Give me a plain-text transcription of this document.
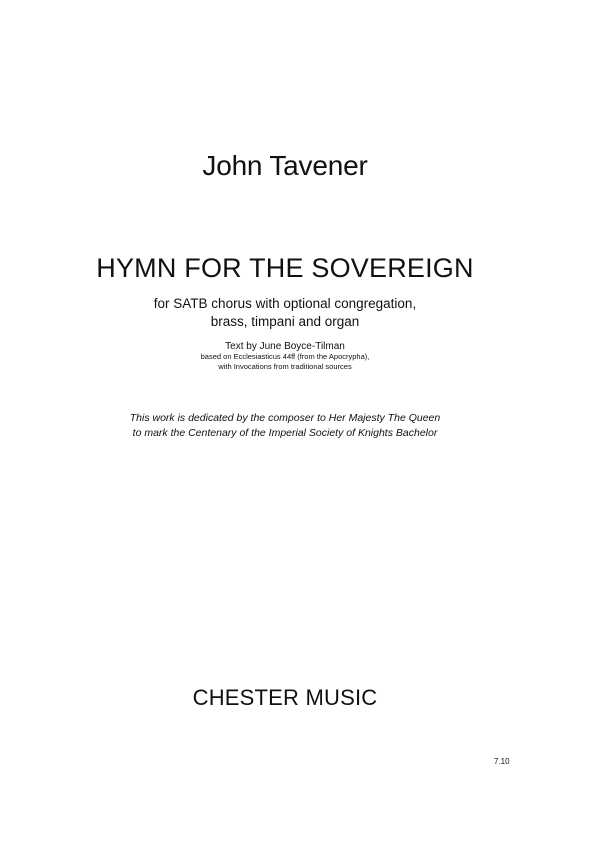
John Tavener
HYMN FOR THE SOVEREIGN
for SATB chorus with optional congregation,
brass, timpani and organ
Text by June Boyce-Tilman
based on Ecclesiasticus 44ff (from the Apocrypha),
with Invocations from traditional sources
This work is dedicated by the composer to Her Majesty The Queen
to mark the Centenary of the Imperial Society of Knights Bachelor
CHESTER MUSIC
7.10
